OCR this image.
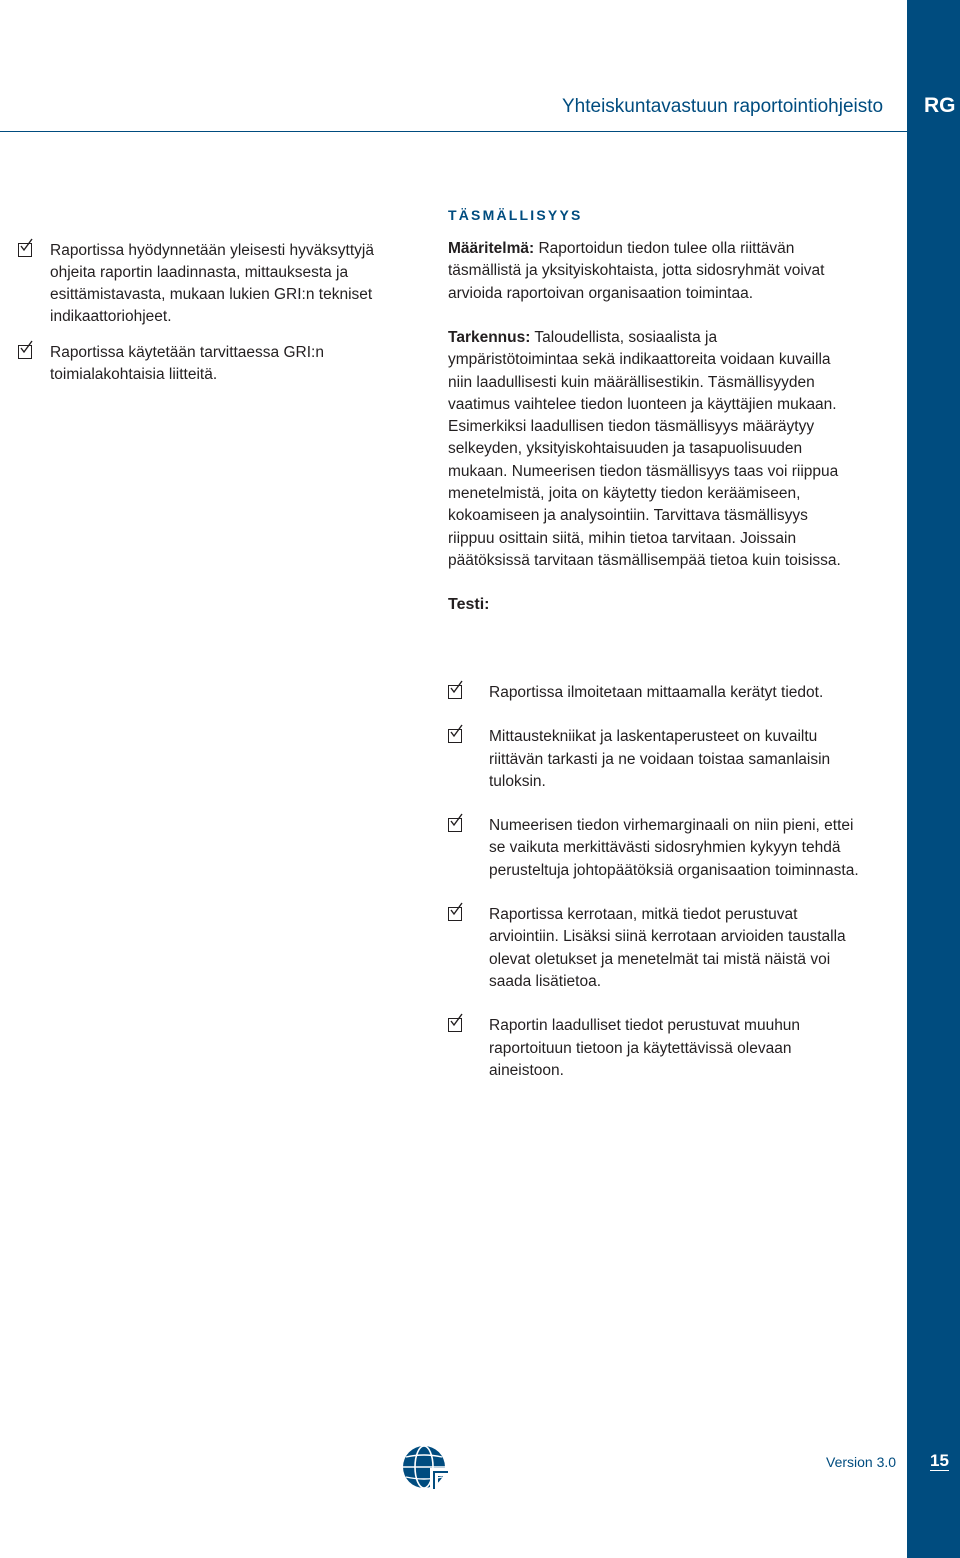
Yhteiskuntavastuun raportointiohjeisto RG
Raportissa hyödynnetään yleisesti hyväksyttyjä ohjeita raportin laadinnasta, mittauksesta ja esittämistavasta, mukaan lukien GRI:n tekniset indikaattoriohjeet.
Raportissa käytetään tarvittaessa GRI:n toimialakohtaisia liitteitä.
TÄSMÄLLISYYS
Määritelmä: Raportoidun tiedon tulee olla riittävän täsmällistä ja yksityiskohtaista, jotta sidosryhmät voivat arvioida raportoivan organisaation toimintaa.
Tarkennus: Taloudellista, sosiaalista ja ympäristötoimintaa sekä indikaattoreita voidaan kuvailla niin laadullisesti kuin määrällisestikin. Täsmällisyyden vaatimus vaihtelee tiedon luonteen ja käyttäjien mukaan. Esimerkiksi laadullisen tiedon täsmällisyys määräytyy selkeyden, yksityiskohtaisuuden ja tasapuolisuuden mukaan. Numeerisen tiedon täsmällisyys taas voi riippua menetelmistä, joita on käytetty tiedon keräämiseen, kokoamiseen ja analysointiin. Tarvittava täsmällisyys riippuu osittain siitä, mihin tietoa tarvitaan. Joissain päätöksissä tarvitaan täsmällisempää tietoa kuin toisissa.
Testi:
Raportissa ilmoitetaan mittaamalla kerätyt tiedot.
Mittaustekniikat ja laskentaperusteet on kuvailtu riittävän tarkasti ja ne voidaan toistaa samanlaisin tuloksin.
Numeerisen tiedon virhemarginaali on niin pieni, ettei se vaikuta merkittävästi sidosryhmien kykyyn tehdä perusteltuja johtopäätöksiä organisaation toiminnasta.
Raportissa kerrotaan, mitkä tiedot perustuvat arviointiin. Lisäksi siinä kerrotaan arvioiden taustalla olevat oletukset ja menetelmät tai mistä näistä voi saada lisätietoa.
Raportin laadulliset tiedot perustuvat muuhun raportoituun tietoon ja käytettävissä olevaan aineistoon.
Version 3.0 15
